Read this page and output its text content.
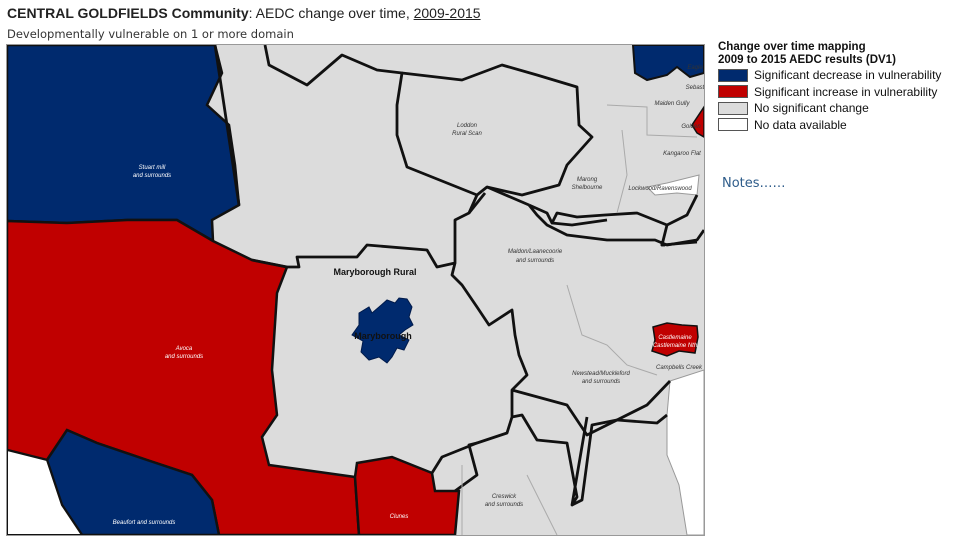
CENTRAL GOLDFIELDS Community: AEDC change over time, 2009-2015
Developmentally vulnerable on 1 or more domain
Maryborough Rural
Maryborough
Loddon
Rural Scan
Stuart mill
and surrounds
Avoca
and surrounds
Maldon/Laanecoorie
and surrounds
Newstead/Muckleford
and surrounds
Clunes
Creswick
and surrounds
Beaufort and surrounds
Marong
Shelbourne	Lockwood/Ravenswood
Maiden Gully
Kangaroo Flat
Golden
Eagle
Sebast
Castlemaine
Castlemaine Nth
Campbells Creek
Change over time mapping
2009 to 2015 AEDC results (DV1)
Significant decrease in vulnerability
Significant increase in vulnerability
No significant change
No data available
Notes……
